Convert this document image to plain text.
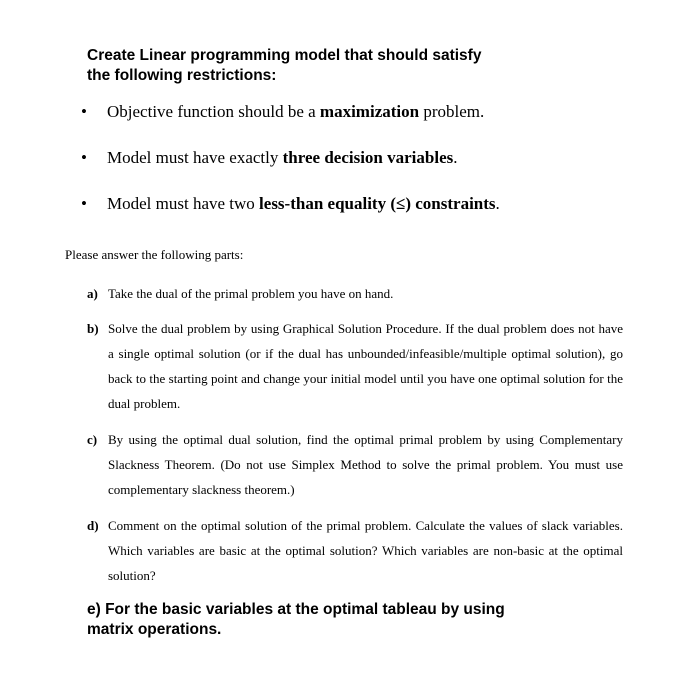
Create Linear programming model that should satisfy
the following restrictions:
•	Objective function should be a maximization problem.
•	Model must have exactly three decision variables.
•	Model must have two less-than equality (≤) constraints.
Please answer the following parts:
a) Take the dual of the primal problem you have on hand.
b) Solve the dual problem by using Graphical Solution Procedure. If the dual problem does not have a single optimal solution (or if the dual has unbounded/infeasible/multiple optimal solution), go back to the starting point and change your initial model until you have one optimal solution for the dual problem.
c) By using the optimal dual solution, find the optimal primal problem by using Complementary Slackness Theorem. (Do not use Simplex Method to solve the primal problem. You must use complementary slackness theorem.)
d) Comment on the optimal solution of the primal problem. Calculate the values of slack variables. Which variables are basic at the optimal solution? Which variables are non-basic at the optimal solution?
e) For the basic variables at the optimal tableau by using
matrix operations.
